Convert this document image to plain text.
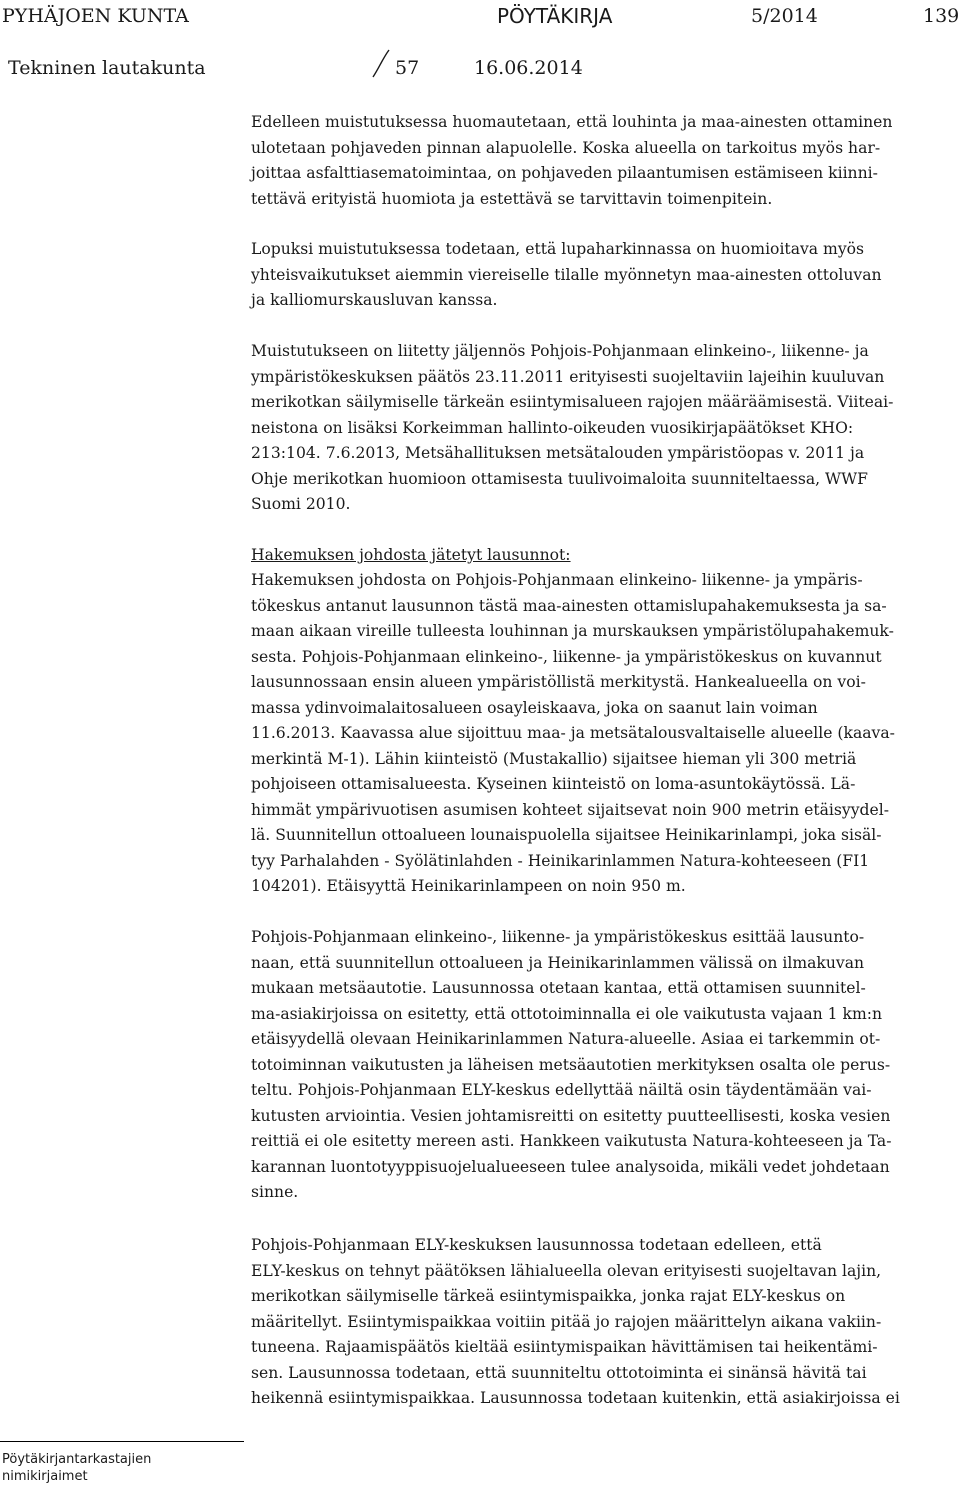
PYHÄJOEN KUNTA	PÖYTÄKIRJA	5/2014	139
Tekninen lautakunta	57	16.06.2014
Edelleen muistutuksessa huomautetaan, että louhinta ja maa-ainesten ottaminen
ulotetaan pohjaveden pinnan alapuolelle. Koska alueella on tarkoitus myös har-
joittaa asfalttiasematoimintaa, on pohjaveden pilaantumisen estämiseen kiinni-
tettävä erityistä huomiota ja estettävä se tarvittavin toimenpitein.
Lopuksi muistutuksessa todetaan, että lupaharkinnassa on huomioitava myös
yhteisvaikutukset aiemmin viereiselle tilalle myönnetyn maa-ainesten ottoluvan
ja kalliomurskausluvan kanssa.
Muistutukseen on liitetty jäljennös Pohjois-Pohjanmaan elinkeino-, liikenne- ja
ympäristökeskuksen päätös 23.11.2011 erityisesti suojeltaviin lajeihin kuuluvan
merikotkan säilymiselle tärkeän esiintymisalueen rajojen määräämisestä. Viiteai-
neistona on lisäksi Korkeimman hallinto-oikeuden vuosikirjapäätökset KHO:
213:104. 7.6.2013, Metsähallituksen metsätalouden ympäristöopas v. 2011 ja
Ohje merikotkan huomioon ottamisesta tuulivoimaloita suunniteltaessa, WWF
Suomi 2010.
Hakemuksen johdosta jätetyt lausunnot:
Hakemuksen johdosta on Pohjois-Pohjanmaan elinkeino- liikenne- ja ympäris-
tökeskus antanut lausunnon tästä maa-ainesten ottamislupahakemuksesta ja sa-
maan aikaan vireille tulleesta louhinnan ja murskauksen ympäristölupahakemuk-
sesta. Pohjois-Pohjanmaan elinkeino-, liikenne- ja ympäristökeskus on kuvannut
lausunnossaan ensin alueen ympäristöllistä merkitystä. Hankealueella on voi-
massa ydinvoimalaitosalueen osayleiskaava, joka on saanut lain voiman
11.6.2013. Kaavassa alue sijoittuu maa- ja metsätalousvaltaiselle alueelle (kaava-
merkintä M-1). Lähin kiinteistö (Mustakallio) sijaitsee hieman yli 300 metriä
pohjoiseen ottamisalueesta. Kyseinen kiinteistö on loma-asuntokäytössä. Lä-
himmät ympärivuotisen asumisen kohteet sijaitsevat noin 900 metrin etäisyydel-
lä. Suunnitellun ottoalueen lounaispuolella sijaitsee Heinikarinlampi, joka sisäl-
tyy Parhalahden - Syölätinlahden - Heinikarinlammen Natura-kohteeseen (FI1
104201). Etäisyyttä Heinikarinlampeen on noin 950 m.
Pohjois-Pohjanmaan elinkeino-, liikenne- ja ympäristökeskus esittää lausunto-
naan, että suunnitellun ottoalueen ja Heinikarinlammen välissä on ilmakuvan
mukaan metsäautotie. Lausunnossa otetaan kantaa, että ottamisen suunnitel-
ma-asiakirjoissa on esitetty, että ottotoiminnalla ei ole vaikutusta vajaan 1 km:n
etäisyydellä olevaan Heinikarinlammen Natura-alueelle. Asiaa ei tarkemmin ot-
totoiminnan vaikutusten ja läheisen metsäautotien merkityksen osalta ole perus-
teltu. Pohjois-Pohjanmaan ELY-keskus edellyttää näiltä osin täydentämään vai-
kutusten arviointia. Vesien johtamisreitti on esitetty puutteellisesti, koska vesien
reittiä ei ole esitetty mereen asti. Hankkeen vaikutusta Natura-kohteeseen ja Ta-
karannan luontotyyppisuojelualueeseen tulee analysoida, mikäli vedet johdetaan
sinne.
Pohjois-Pohjanmaan ELY-keskuksen lausunnossa todetaan edelleen, että
ELY-keskus on tehnyt päätöksen lähialueella olevan erityisesti suojeltavan lajin,
merikotkan säilymiselle tärkeä esiintymispaikka, jonka rajat ELY-keskus on
määritellyt. Esiintymispaikkaa voitiin pitää jo rajojen määrittelyn aikana vakiin-
tuneena. Rajaamispäätös kieltää esiintymispaikan hävittämisen tai heikentämi-
sen. Lausunnossa todetaan, että suunniteltu ottotoiminta ei sinänsä hävitä tai
heikennä esiintymispaikkaa. Lausunnossa todetaan kuitenkin, että asiakirjoissa ei
Pöytäkirjantarkastajien
nimikirjaimet
